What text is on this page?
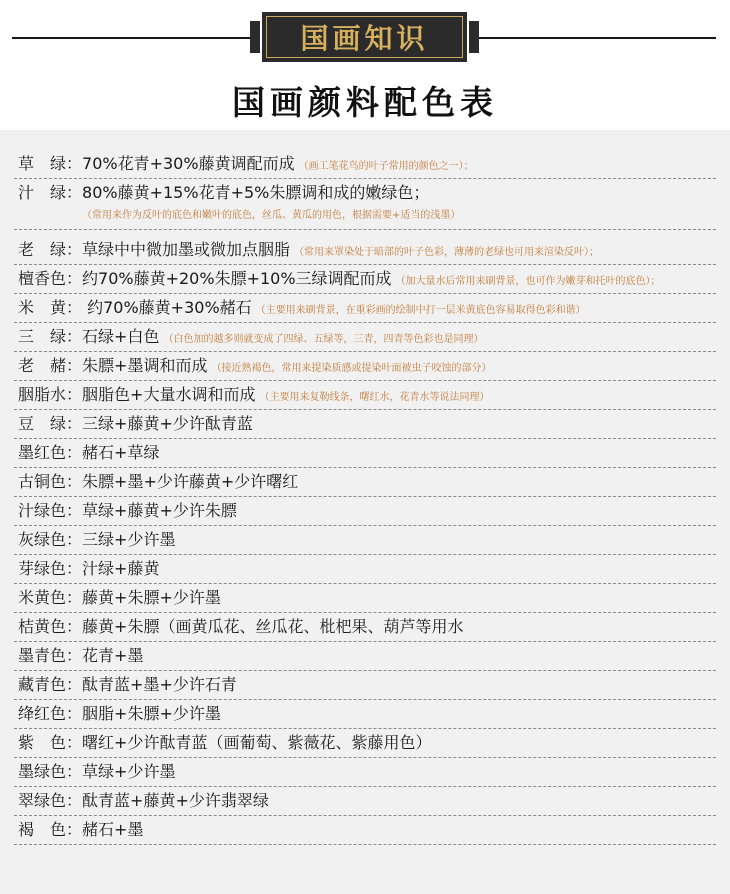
国画知识
国画颜料配色表
草　绿 ： 70%花青+30%藤黄调配而成 （画工笔花鸟的叶子常用的颜色之一）；
汁　绿 ： 80%藤黄+15%花青+5%朱膘调和成的嫩绿色；
（常用来作为反叶的底色和嫩叶的底色，丝瓜、黄瓜的用色，根据需要+适当的浅墨）
老　绿 ： 草绿中中微加墨或微加点胭脂 （常用来罩染处于暗部的叶子色彩，薄薄的老绿也可用来渲染反叶）；
檀香色 ： 约70%藤黄+20%朱膘+10%三绿调配而成 （加大量水后常用来刷背景，也可作为嫩芽和托叶的底色）；
米　黄 ： 约70%藤黄+30%赭石 （主要用来刷背景，在重彩画的绘制中打一层米黄底色容易取得色彩和谐）
三　绿 ： 石绿+白色 （白色加的越多则就变成了四绿、五绿等，三青，四青等色彩也是同理）
老　赭 ： 朱膘+墨调和而成 （接近熟褐色，常用来提染质感或提染叶面被虫子咬蚀的部分）
胭脂水 ： 胭脂色+大量水调和而成 （主要用来复勒线条，曙红水，花青水等说法同理）
豆　绿 ： 三绿+藤黄+少许酞青蓝
墨红色 ： 赭石+草绿
古铜色 ： 朱膘+墨+少许藤黄+少许曙红
汁绿色 ： 草绿+藤黄+少许朱膘
灰绿色 ： 三绿+少许墨
芽绿色 ： 汁绿+藤黄
米黄色 ： 藤黄+朱膘+少许墨
桔黄色 ： 藤黄+朱膘（画黄瓜花、丝瓜花、枇杷果、葫芦等用水
墨青色 ： 花青+墨
藏青色 ： 酞青蓝+墨+少许石青
绛红色 ： 胭脂+朱膘+少许墨
紫　色 ： 曙红+少许酞青蓝（画葡萄、紫薇花、紫藤用色）
墨绿色 ： 草绿+少许墨
翠绿色 ： 酞青蓝+藤黄+少许翡翠绿
褐　色 ： 赭石+墨
